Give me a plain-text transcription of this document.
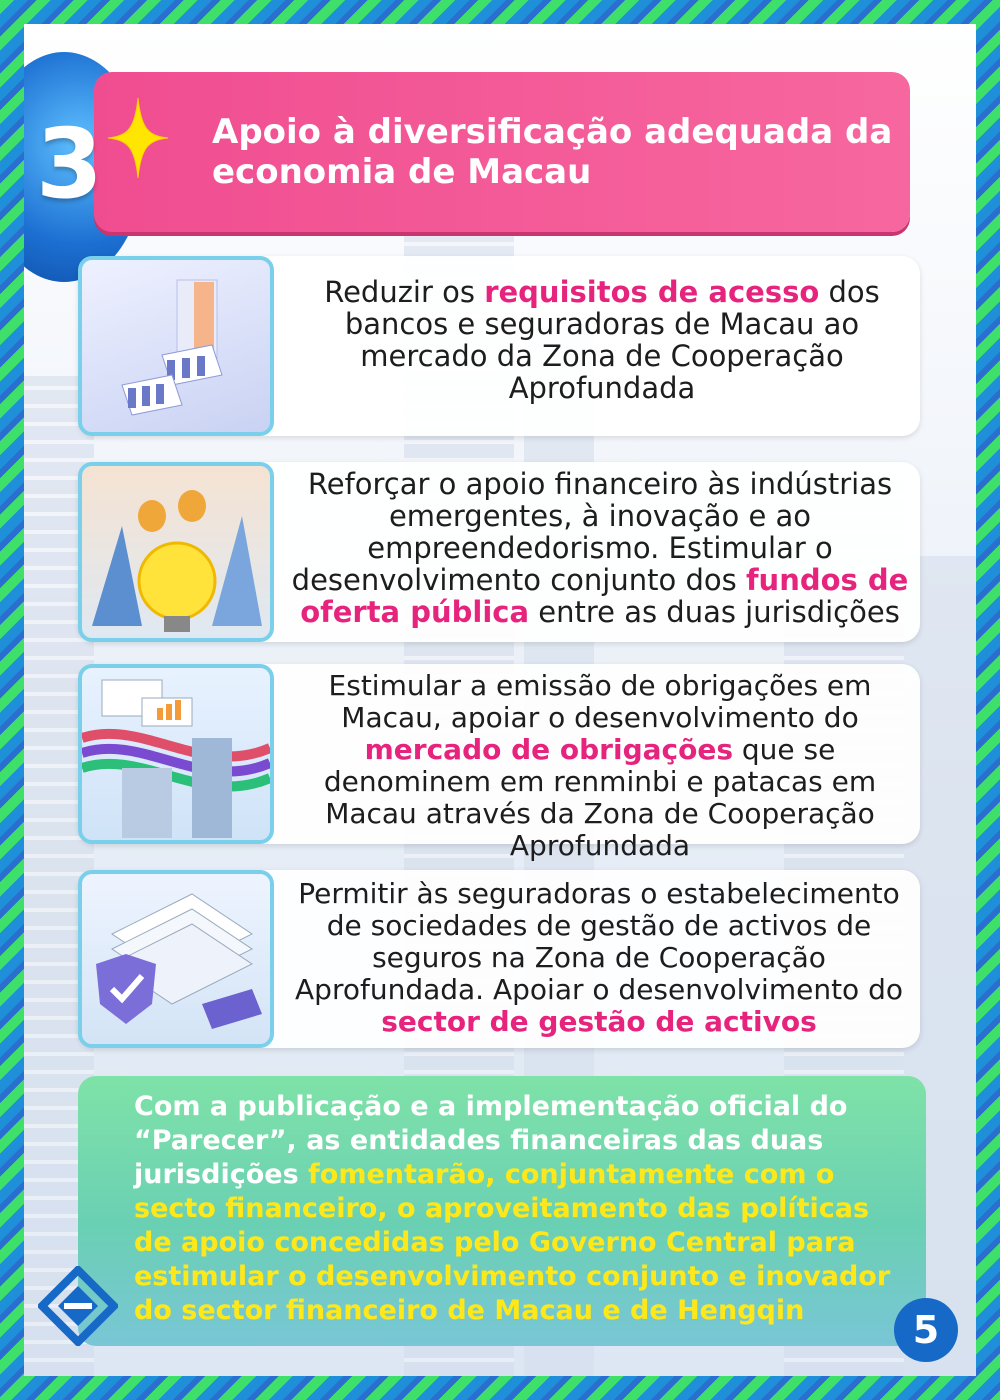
Apoio à diversificação adequada da economia de Macau
3
Reduzir os requisitos de acesso dos bancos e seguradoras de Macau ao mercado da Zona de Cooperação Aprofundada
Reforçar o apoio financeiro às indústrias emergentes, à inovação e ao empreendedorismo. Estimular o desenvolvimento conjunto dos fundos de oferta pública entre as duas jurisdições
Estimular a emissão de obrigações em Macau, apoiar o desenvolvimento do mercado de obrigações que se denominem em renminbi e patacas em Macau através da Zona de Cooperação Aprofundada
Permitir às seguradoras o estabelecimento de sociedades de gestão de activos de seguros na Zona de Cooperação Aprofundada. Apoiar o desenvolvimento do sector de gestão de activos
Com a publicação e a implementação oficial do “Parecer”, as entidades financeiras das duas jurisdições fomentarão, conjuntamente com o secto financeiro, o aproveitamento das políticas de apoio concedidas pelo Governo Central para estimular o desenvolvimento conjunto e inovador do sector financeiro de Macau e de Hengqin	5
